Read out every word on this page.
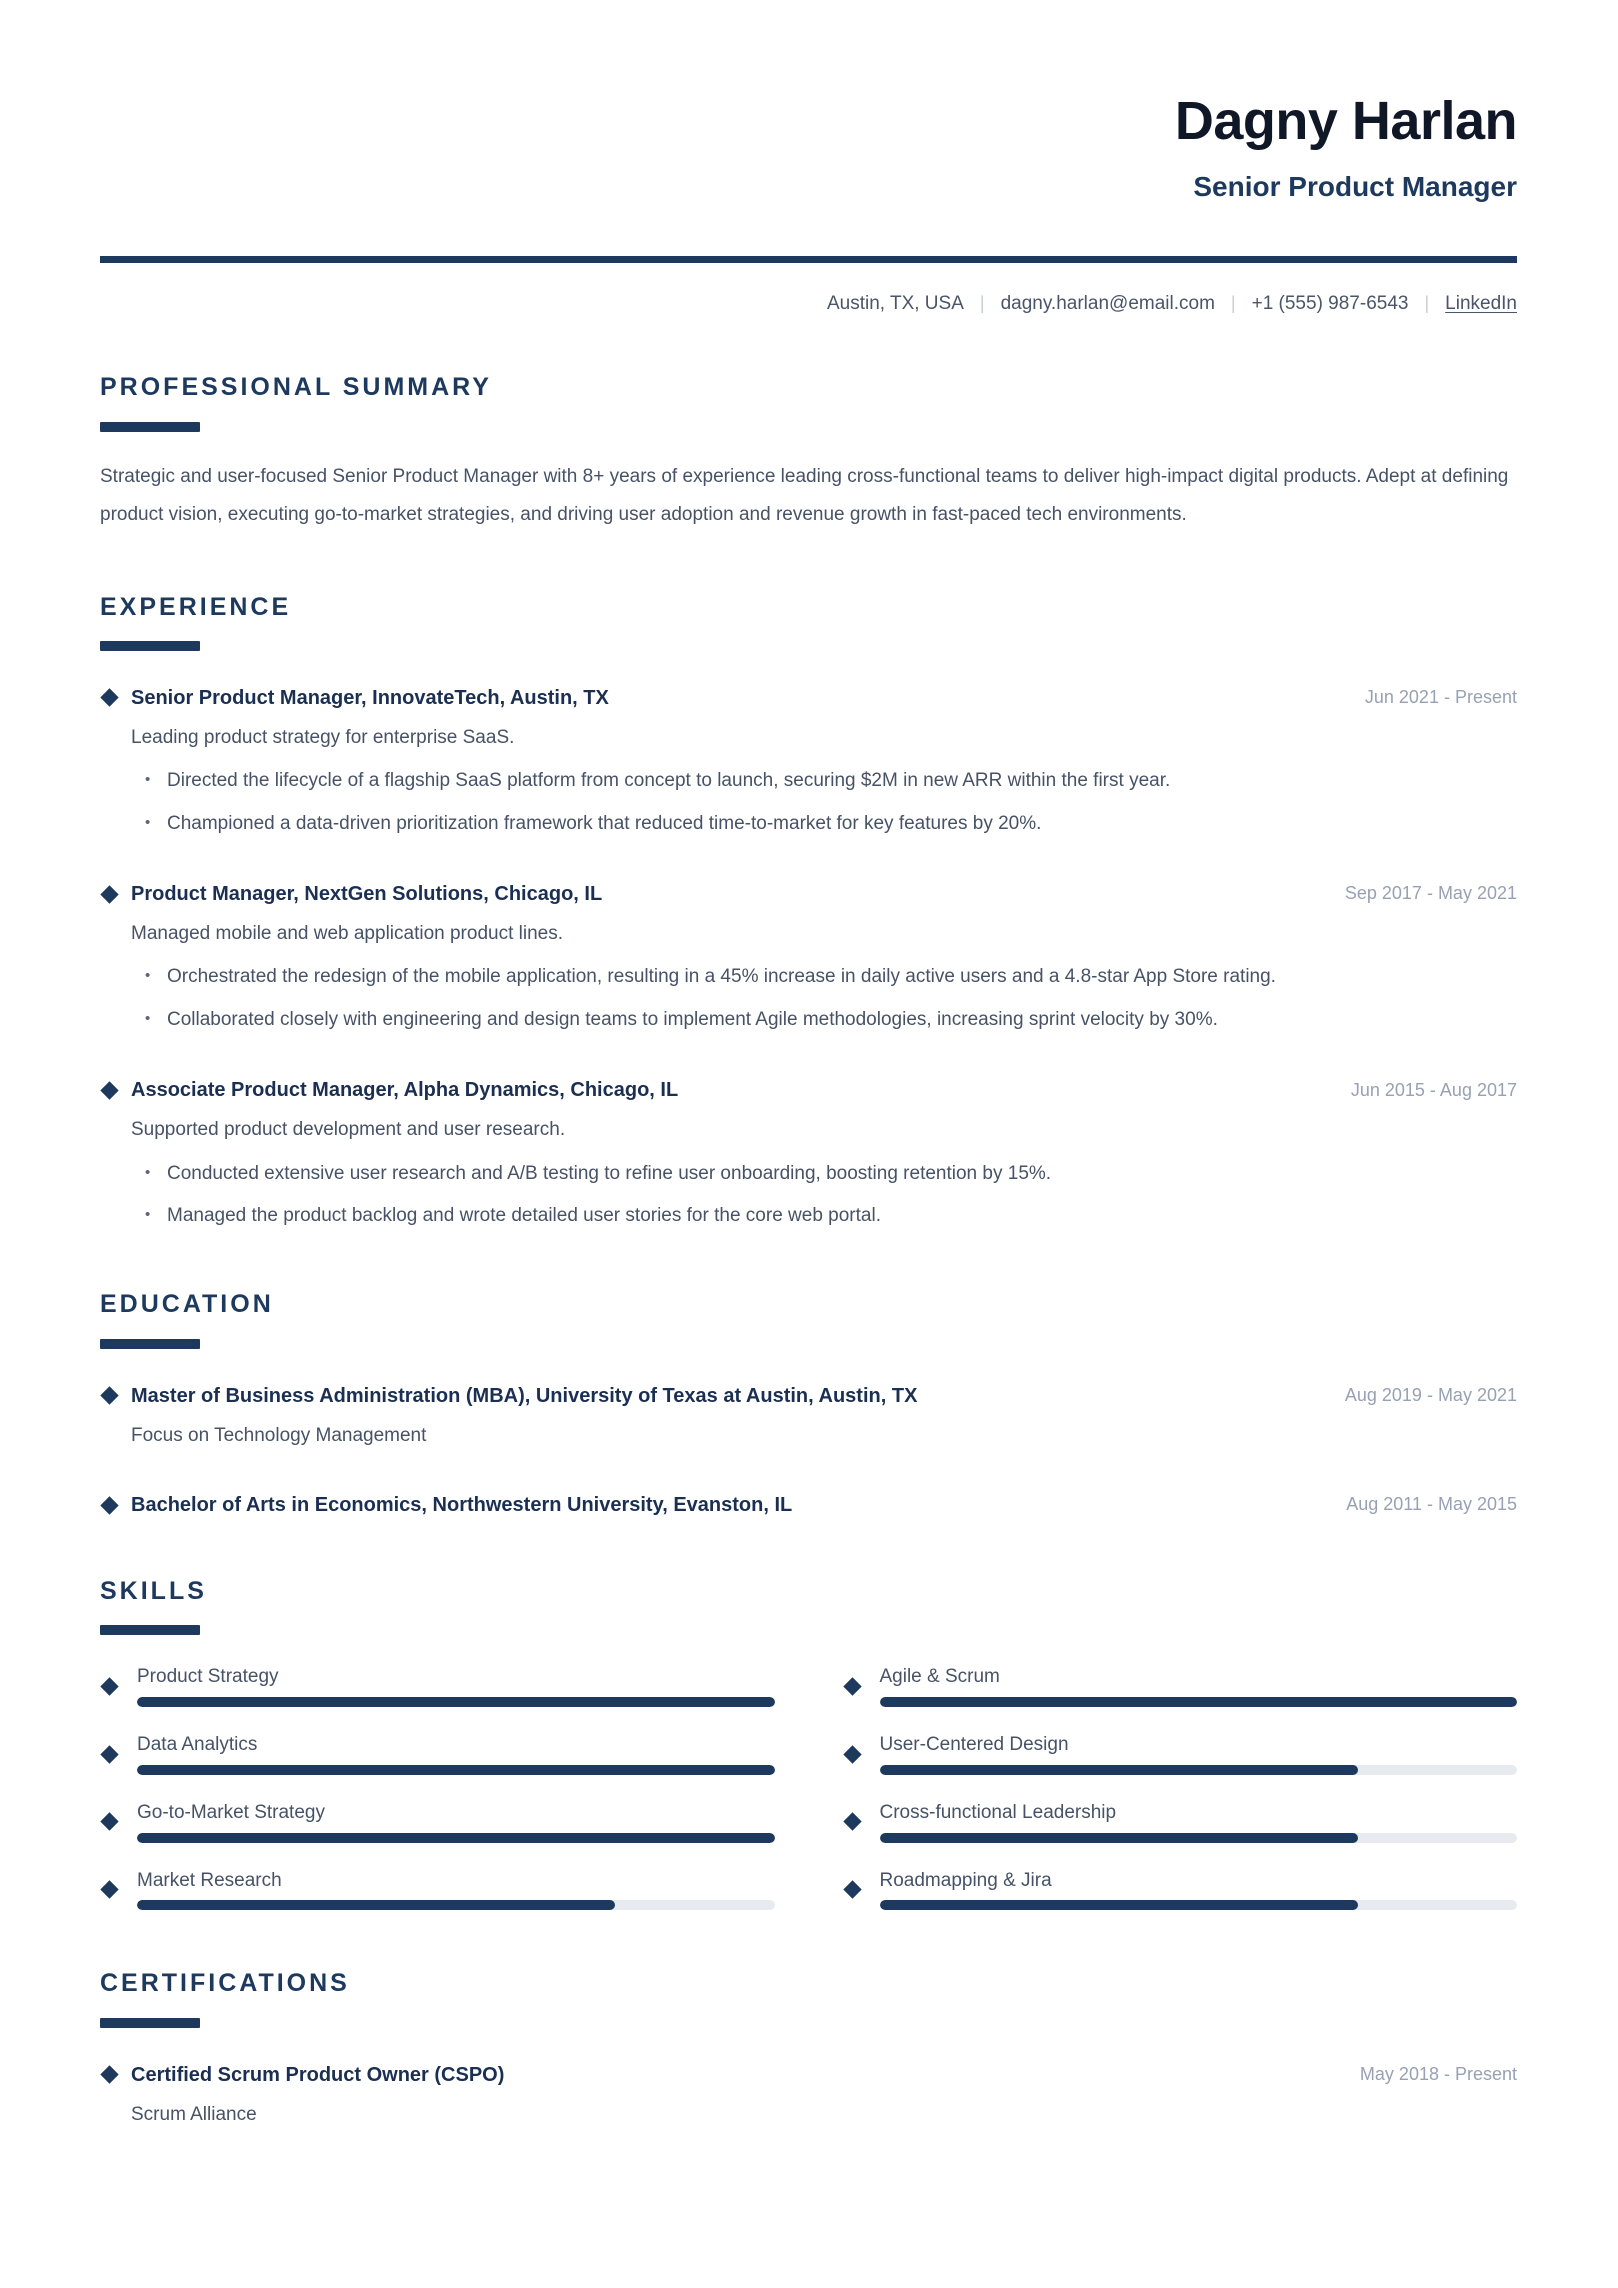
Dagny Harlan
Senior Product Manager
Austin, TX, USA | dagny.harlan@email.com | +1 (555) 987-6543 | LinkedIn
PROFESSIONAL SUMMARY
Strategic and user-focused Senior Product Manager with 8+ years of experience leading cross-functional teams to deliver high-impact digital products. Adept at defining product vision, executing go-to-market strategies, and driving user adoption and revenue growth in fast-paced tech environments.
EXPERIENCE
Senior Product Manager, InnovateTech, Austin, TX	Jun 2021 - Present
Leading product strategy for enterprise SaaS.
• Directed the lifecycle of a flagship SaaS platform from concept to launch, securing $2M in new ARR within the first year.
• Championed a data-driven prioritization framework that reduced time-to-market for key features by 20%.
Product Manager, NextGen Solutions, Chicago, IL	Sep 2017 - May 2021
Managed mobile and web application product lines.
• Orchestrated the redesign of the mobile application, resulting in a 45% increase in daily active users and a 4.8-star App Store rating.
• Collaborated closely with engineering and design teams to implement Agile methodologies, increasing sprint velocity by 30%.
Associate Product Manager, Alpha Dynamics, Chicago, IL	Jun 2015 - Aug 2017
Supported product development and user research.
• Conducted extensive user research and A/B testing to refine user onboarding, boosting retention by 15%.
• Managed the product backlog and wrote detailed user stories for the core web portal.
EDUCATION
Master of Business Administration (MBA), University of Texas at Austin, Austin, TX	Aug 2019 - May 2021
Focus on Technology Management
Bachelor of Arts in Economics, Northwestern University, Evanston, IL	Aug 2011 - May 2015
SKILLS
Product Strategy	Agile & Scrum
Data Analytics	User-Centered Design
Go-to-Market Strategy	Cross-functional Leadership
Market Research	Roadmapping & Jira
CERTIFICATIONS
Certified Scrum Product Owner (CSPO)	May 2018 - Present
Scrum Alliance
